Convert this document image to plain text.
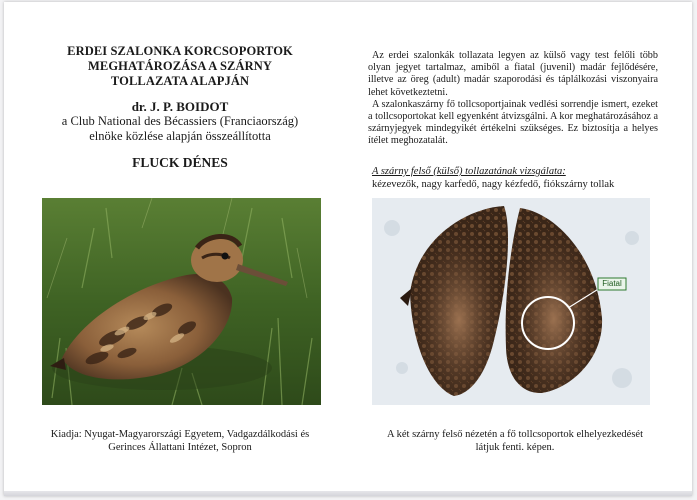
ERDEI SZALONKA KORCSOPORTOK
MEGHATÁROZÁSA A SZÁRNY
TOLLAZATA ALAPJÁN
dr. J. P. BOIDOT
a Club National des Bécassiers (Franciaország)
elnöke közlése alapján összeállította
FLUCK DÉNES
Kiadja: Nyugat-Magyarországi Egyetem, Vadgazdálkodási és
Gerinces Állattani Intézet, Sopron

Az erdei szalonkák tollazata legyen az külső vagy test felőli több olyan jegyet tartalmaz, amiből a fiatal (juvenil) madár fejlődésére, illetve az öreg (adult) madár szaporodási és táplálkozási viszonyaira lehet következtetni.

A szalonkaszárny fő tollcsoportjainak vedlési sorrendje ismert, ezeket a tollcsoportokat kell egyenként átvizsgálni. A kor meghatározásához a szárnyjegyek mindegyikét értékelni szükséges. Ez biztosítja a helyes ítélet meghozatalát.

A szárny felső (külső) tollazatának vizsgálata:
kézevezők, nagy karfedő, nagy kézfedő, fiókszárny tollak
Fiatal
A két szárny felső nézetén a fő tollcsoportok elhelyezkedését
látjuk fenti. képen.
